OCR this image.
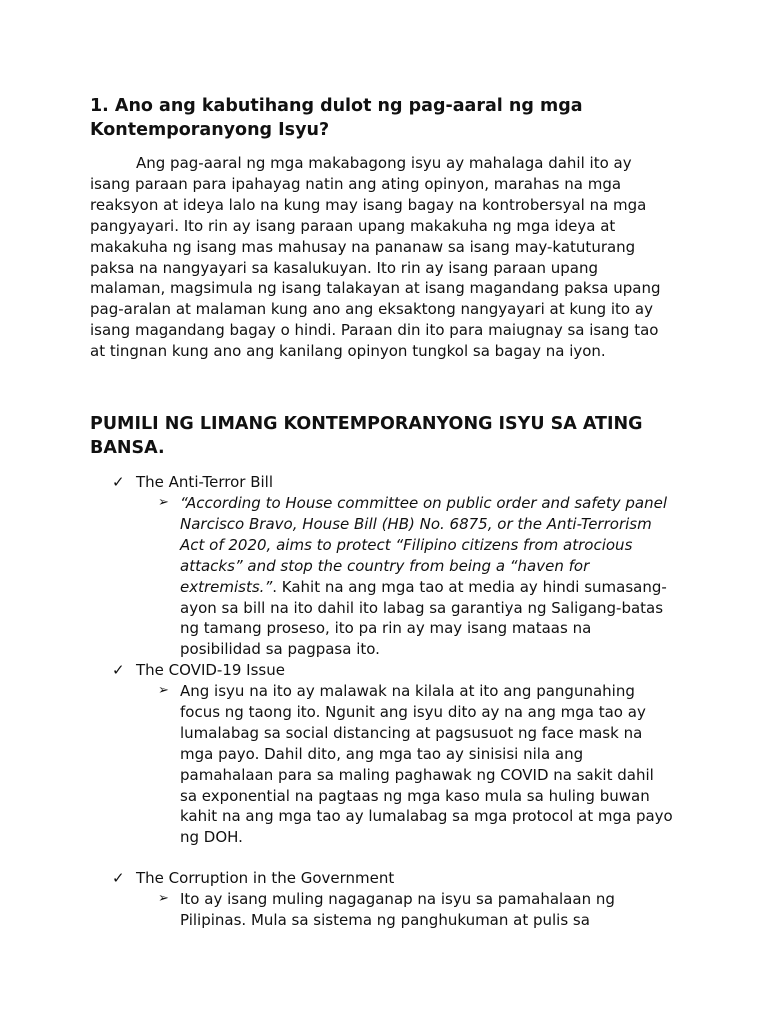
1. Ano ang kabutihang dulot ng pag-aaral ng mga
Kontemporanyong Isyu?

Ang pag-aaral ng mga makabagong isyu ay mahalaga dahil ito ay
isang paraan para ipahayag natin ang ating opinyon, marahas na mga
reaksyon at ideya lalo na kung may isang bagay na kontrobersyal na mga
pangyayari. Ito rin ay isang paraan upang makakuha ng mga ideya at
makakuha ng isang mas mahusay na pananaw sa isang may-katuturang
paksa na nangyayari sa kasalukuyan. Ito rin ay isang paraan upang
malaman, magsimula ng isang talakayan at isang magandang paksa upang
pag-aralan at malaman kung ano ang eksaktong nangyayari at kung ito ay
isang magandang bagay o hindi. Paraan din ito para maiugnay sa isang tao
at tingnan kung ano ang kanilang opinyon tungkol sa bagay na iyon.

PUMILI NG LIMANG KONTEMPORANYONG ISYU SA ATING
BANSA.
✓ The Anti-Terror Bill
➢ “According to House committee on public order and safety panel
Narcisco Bravo, House Bill (HB) No. 6875, or the Anti-Terrorism
Act of 2020, aims to protect “Filipino citizens from atrocious
attacks” and stop the country from being a “haven for
extremists.”. Kahit na ang mga tao at media ay hindi sumasang-
ayon sa bill na ito dahil ito labag sa garantiya ng Saligang-batas
ng tamang proseso, ito pa rin ay may isang mataas na
posibilidad sa pagpasa ito.

✓ The COVID-19 Issue
➢ Ang isyu na ito ay malawak na kilala at ito ang pangunahing
focus ng taong ito. Ngunit ang isyu dito ay na ang mga tao ay
lumalabag sa social distancing at pagsusuot ng face mask na
mga payo. Dahil dito, ang mga tao ay sinisisi nila ang
pamahalaan para sa maling paghawak ng COVID na sakit dahil
sa exponential na pagtaas ng mga kaso mula sa huling buwan
kahit na ang mga tao ay lumalabag sa mga protocol at mga payo
ng DOH.

✓ The Corruption in the Government
➢ Ito ay isang muling nagaganap na isyu sa pamahalaan ng
Pilipinas. Mula sa sistema ng panghukuman at pulis sa
